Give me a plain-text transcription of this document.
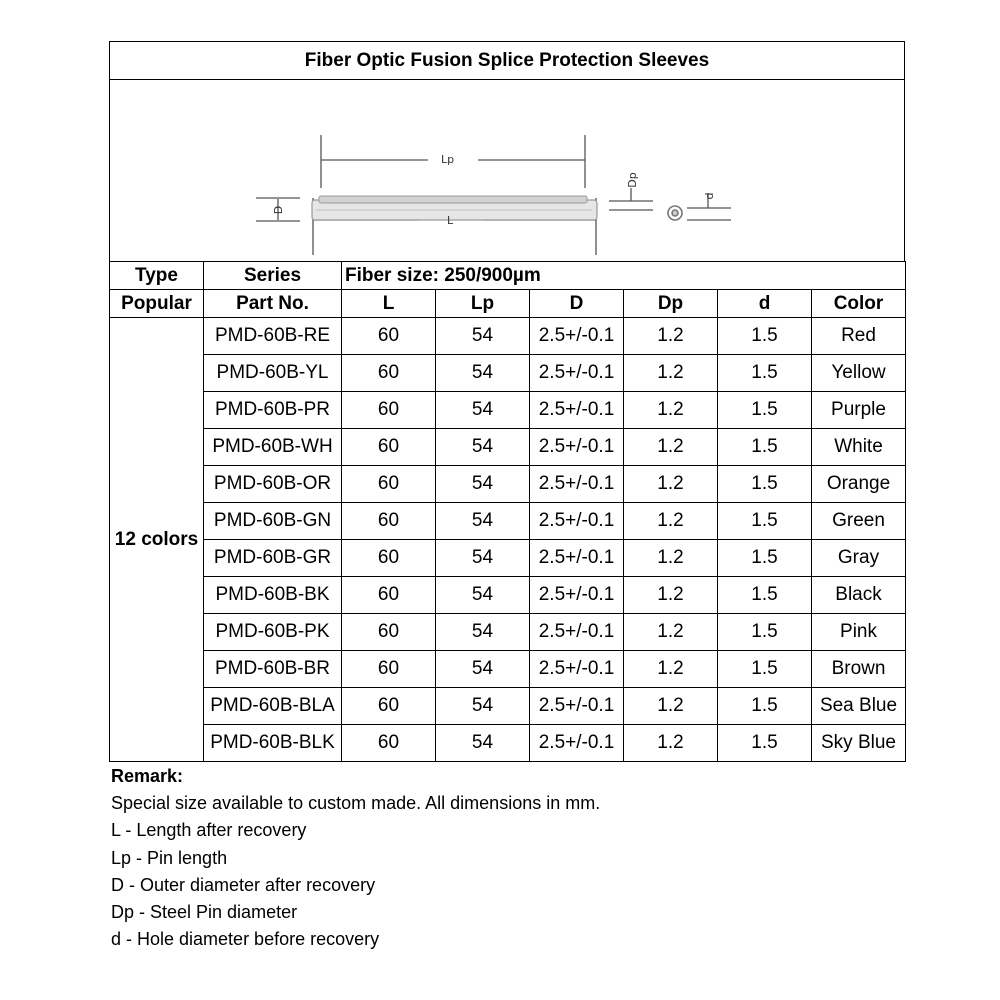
Fiber Optic Fusion Splice Protection Sleeves
Lp
L
D
Dp
d
Type	Series	Fiber size: 250/900µm					
Popular	Part No.	L	Lp	D	Dp	d	Color
12 colors	PMD-60B-RE	60	54	2.5+/-0.1	1.2	1.5	Red
	PMD-60B-YL	60	54	2.5+/-0.1	1.2	1.5	Yellow
	PMD-60B-PR	60	54	2.5+/-0.1	1.2	1.5	Purple
	PMD-60B-WH	60	54	2.5+/-0.1	1.2	1.5	White
	PMD-60B-OR	60	54	2.5+/-0.1	1.2	1.5	Orange
	PMD-60B-GN	60	54	2.5+/-0.1	1.2	1.5	Green
	PMD-60B-GR	60	54	2.5+/-0.1	1.2	1.5	Gray
	PMD-60B-BK	60	54	2.5+/-0.1	1.2	1.5	Black
	PMD-60B-PK	60	54	2.5+/-0.1	1.2	1.5	Pink
	PMD-60B-BR	60	54	2.5+/-0.1	1.2	1.5	Brown
	PMD-60B-BLA	60	54	2.5+/-0.1	1.2	1.5	Sea Blue
	PMD-60B-BLK	60	54	2.5+/-0.1	1.2	1.5	Sky Blue
Remark:
Special size available to custom made. All dimensions in mm.
L - Length after recovery
Lp - Pin length
D - Outer diameter after recovery
Dp - Steel Pin diameter
d - Hole diameter before recovery
